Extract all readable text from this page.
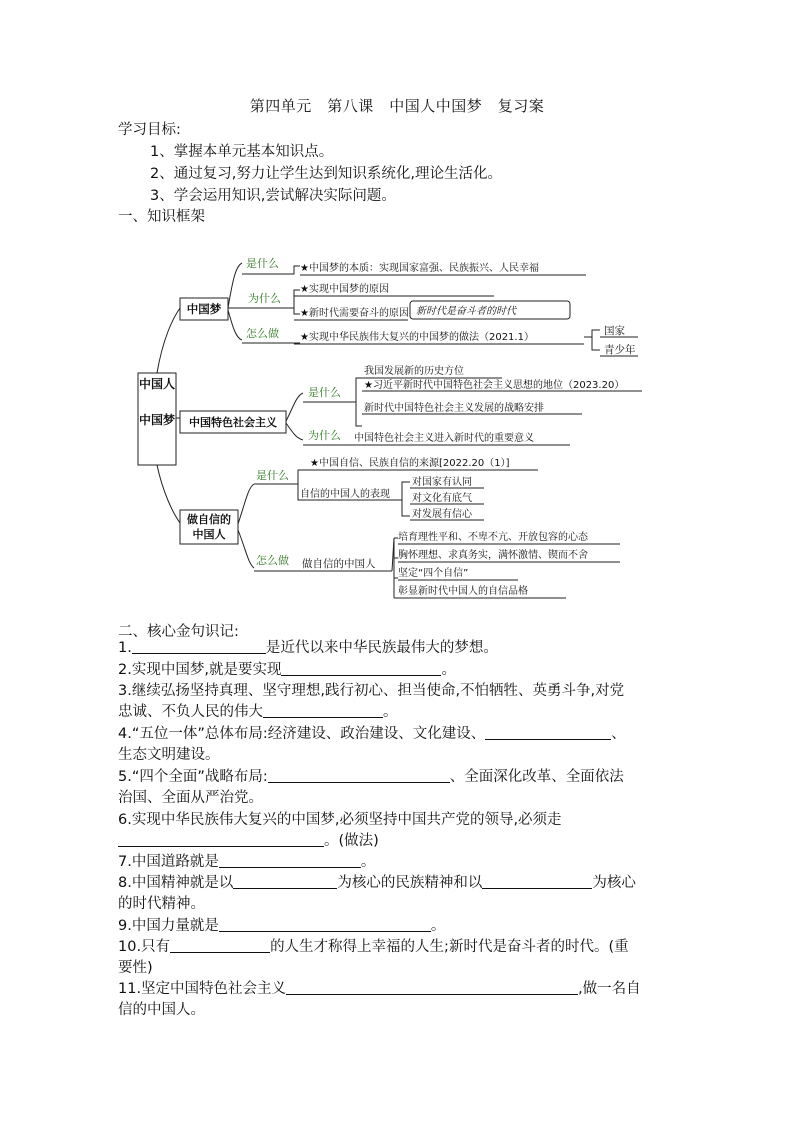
第四单元　第八课　中国人中国梦　复习案
学习目标:
1、掌握本单元基本知识点。
2、通过复习,努力让学生达到知识系统化,理论生活化。
3、学会运用知识,尝试解决实际问题。
一、知识框架
中国人
中国梦
中国梦
是什么 ★中国梦的本质：实现国家富强、民族振兴、人民幸福
为什么
★实现中国梦的原因
★新时代需要奋斗的原因 新时代是奋斗者的时代
怎么做 ★实现中华民族伟大复兴的中国梦的做法（2021.1）
国家
青少年
中国特色社会主义
是什么
我国发展新的历史方位
★习近平新时代中国特色社会主义思想的地位（2023.20）
新时代中国特色社会主义发展的战略安排
为什么 中国特色社会主义进入新时代的重要意义
做自信的
中国人
是什么
★中国自信、民族自信的来源[2022.20（1）]
自信的中国人的表现
对国家有认同
对文化有底气
对发展有信心
怎么做 做自信的中国人
培育理性平和、不卑不亢、开放包容的心态
胸怀理想、求真务实，满怀激情、锲而不舍
坚定“四个自信”
彰显新时代中国人的自信品格
二、核心金句识记:
1.	是近代以来中华民族最伟大的梦想。
2.实现中国梦,就是要实现	。
3.继续弘扬坚持真理、坚守理想,践行初心、担当使命,不怕牺牲、英勇斗争,对党
忠诚、不负人民的伟大	。
4.“五位一体”总体布局:经济建设、政治建设、文化建设、	、
生态文明建设。
5.“四个全面”战略布局:	、全面深化改革、全面依法
治国、全面从严治党。
6.实现中华民族伟大复兴的中国梦,必须坚持中国共产党的领导,必须走
。(做法)
7.中国道路就是	。
8.中国精神就是以	为核心的民族精神和以	为核心
的时代精神。
9.中国力量就是	。
10.只有	的人生才称得上幸福的人生;新时代是奋斗者的时代。(重
要性)
11.坚定中国特色社会主义	,做一名自
信的中国人。
